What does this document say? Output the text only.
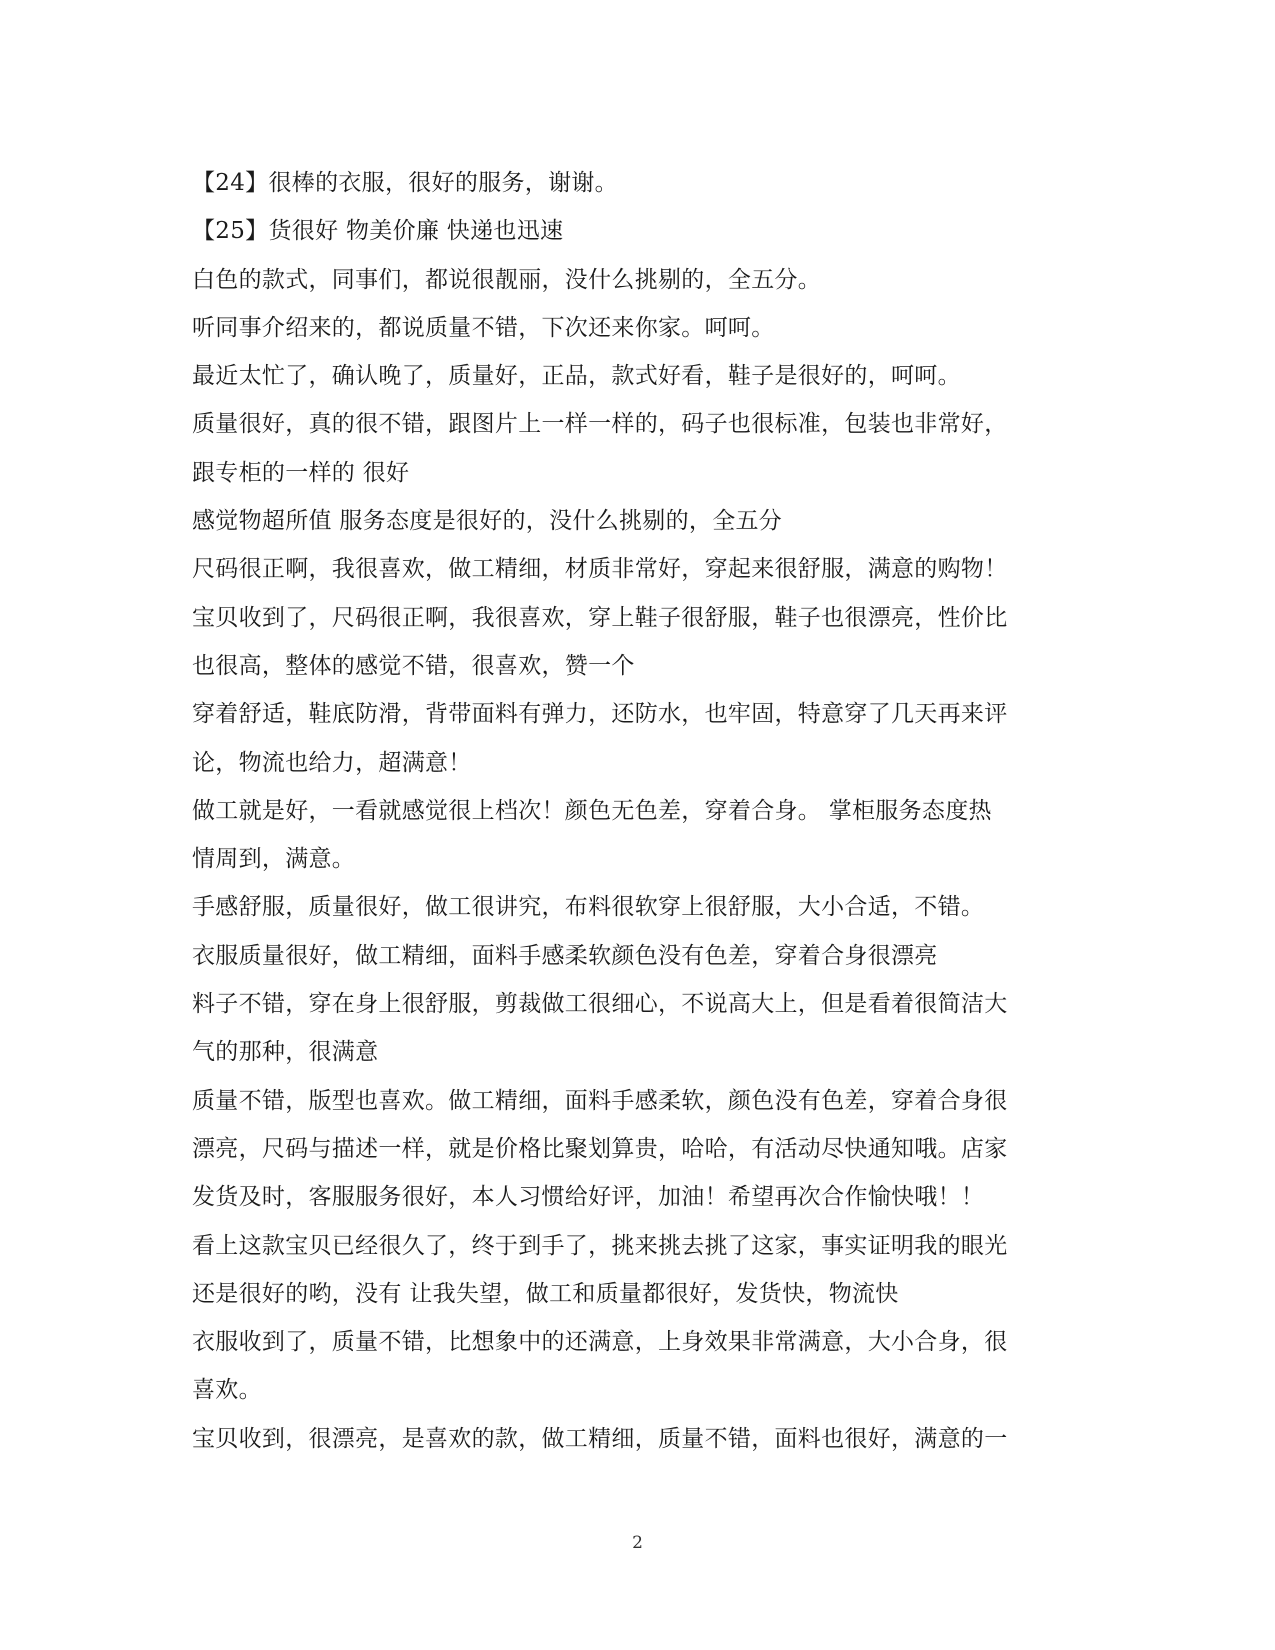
【24】很棒的衣服，很好的服务，谢谢。
【25】货很好 物美价廉 快递也迅速
白色的款式，同事们，都说很靓丽，没什么挑剔的，全五分。
听同事介绍来的，都说质量不错，下次还来你家。呵呵。
最近太忙了，确认晚了，质量好，正品，款式好看，鞋子是很好的，呵呵。
质量很好，真的很不错，跟图片上一样一样的，码子也很标准，包装也非常好，
跟专柜的一样的 很好
感觉物超所值 服务态度是很好的，没什么挑剔的，全五分
尺码很正啊，我很喜欢，做工精细，材质非常好，穿起来很舒服，满意的购物！
宝贝收到了，尺码很正啊，我很喜欢，穿上鞋子很舒服，鞋子也很漂亮，性价比
也很高，整体的感觉不错，很喜欢，赞一个
穿着舒适，鞋底防滑，背带面料有弹力，还防水，也牢固，特意穿了几天再来评
论，物流也给力，超满意！
做工就是好，一看就感觉很上档次！颜色无色差，穿着合身。 掌柜服务态度热
情周到，满意。
手感舒服，质量很好，做工很讲究，布料很软穿上很舒服，大小合适，不错。
衣服质量很好，做工精细，面料手感柔软颜色没有色差，穿着合身很漂亮
料子不错，穿在身上很舒服，剪裁做工很细心，不说高大上，但是看着很简洁大
气的那种，很满意
质量不错，版型也喜欢。做工精细，面料手感柔软，颜色没有色差，穿着合身很
漂亮，尺码与描述一样，就是价格比聚划算贵，哈哈，有活动尽快通知哦。店家
发货及时，客服服务很好，本人习惯给好评，加油！希望再次合作愉快哦！！
看上这款宝贝已经很久了，终于到手了，挑来挑去挑了这家，事实证明我的眼光
还是很好的哟，没有 让我失望，做工和质量都很好，发货快，物流快
衣服收到了，质量不错，比想象中的还满意，上身效果非常满意，大小合身，很
喜欢。
宝贝收到，很漂亮，是喜欢的款，做工精细，质量不错，面料也很好，满意的一
2
